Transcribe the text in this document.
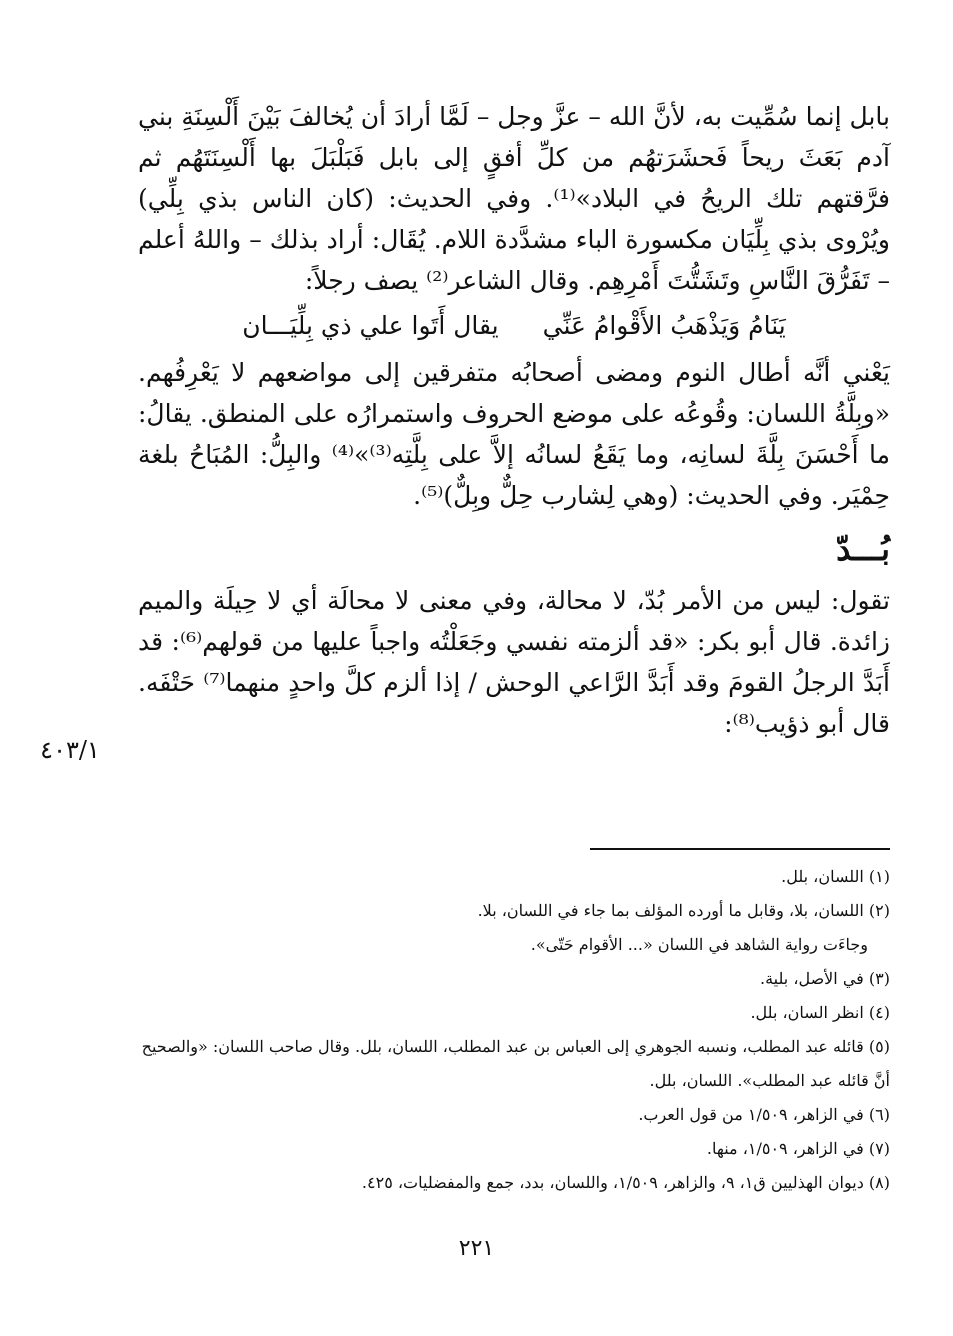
بابل إنما سُمِّيت به، لأنَّ الله – عزَّ وجل – لَمَّا أرادَ أن يُخالفَ بَيْنَ أَلْسِنَةِ بني آدم بَعَثَ ريحاً فَحشَرَتهُم من كلِّ أفقٍ إلى بابل فَبَلْبَلَ بها أَلْسِنَتَهُم ثم فرَّقتهم تلك الريحُ في البلاد»⁽¹⁾. وفي الحديث: (كان الناس بذي بِلِّي) ويُرْوى بذي بِلِّيَان مكسورة الباء مشدَّدة اللام. يُقَال: أراد بذلك – واللهُ أعلم – تَفَرُّقَ النَّاسِ وتَشَتُّتَ أَمْرِهِم. وقال الشاعر⁽²⁾ يصف رجلاً:

يَنَامُ وَيَذْهَبُ الأَقْوامُ عَنِّي
يقال أَتَوا علي ذي بِلِّيَـــان

يَعْني أنَّه أطال النوم ومضى أصحابُه متفرقين إلى مواضعهم لا يَعْرِفُهم. «وبِلَّةُ اللسان: وقُوعُه على موضع الحروف واستمرارُه على المنطق. يقالُ: ما أَحْسَنَ بِلَّةَ لسانِه، وما يَقَعُ لسانُه إلاَّ على بِلَّتِه⁽³⁾»⁽⁴⁾ والبِلُّ: المُبَاحُ بلغة حِمْيَر. وفي الحديث: (وهي لِشارب حِلٌّ وبِلٌّ)⁽⁵⁾.

بُـــدّ

تقول: ليس من الأمر بُدّ، لا محالة، وفي معنى لا محالَة أي لا حِيلَة والميم زائدة. قال أبو بكر: «قد ألزمته نفسي وجَعَلْتُه واجباً عليها من قولهم⁽⁶⁾: قد أَبَدَّ الرجلُ القومَ وقد أَبَدَّ الرَّاعي الوحش / إذا ألزم كلَّ واحدٍ منهما⁽⁷⁾ حَتْفَه. قال أبو ذؤيب⁽⁸⁾:

٤٠٣/١

(١) اللسان، بلل.

(٢) اللسان، بلا، وقابل ما أورده المؤلف بما جاء في اللسان، بلا.

وجاءَت رواية الشاهد في اللسان «... الأقوام حَتّى».

(٣) في الأصل، بلية.

(٤) انظر السان، بلل.

(٥) قائله عبد المطلب، ونسبه الجوهري إلى العباس بن عبد المطلب، اللسان، بلل. وقال صاحب اللسان: «والصحيح أنَّ قائله عبد المطلب». اللسان، بلل.

(٦) في الزاهر، ١/٥٠٩ من قول العرب.

(٧) في الزاهر، ١/٥٠٩، منها.

(٨) ديوان الهذليين ق١، ٩، والزاهر، ١/٥٠٩، واللسان، بدد، جمع والمفضليات، ٤٢٥.

٢٢١
